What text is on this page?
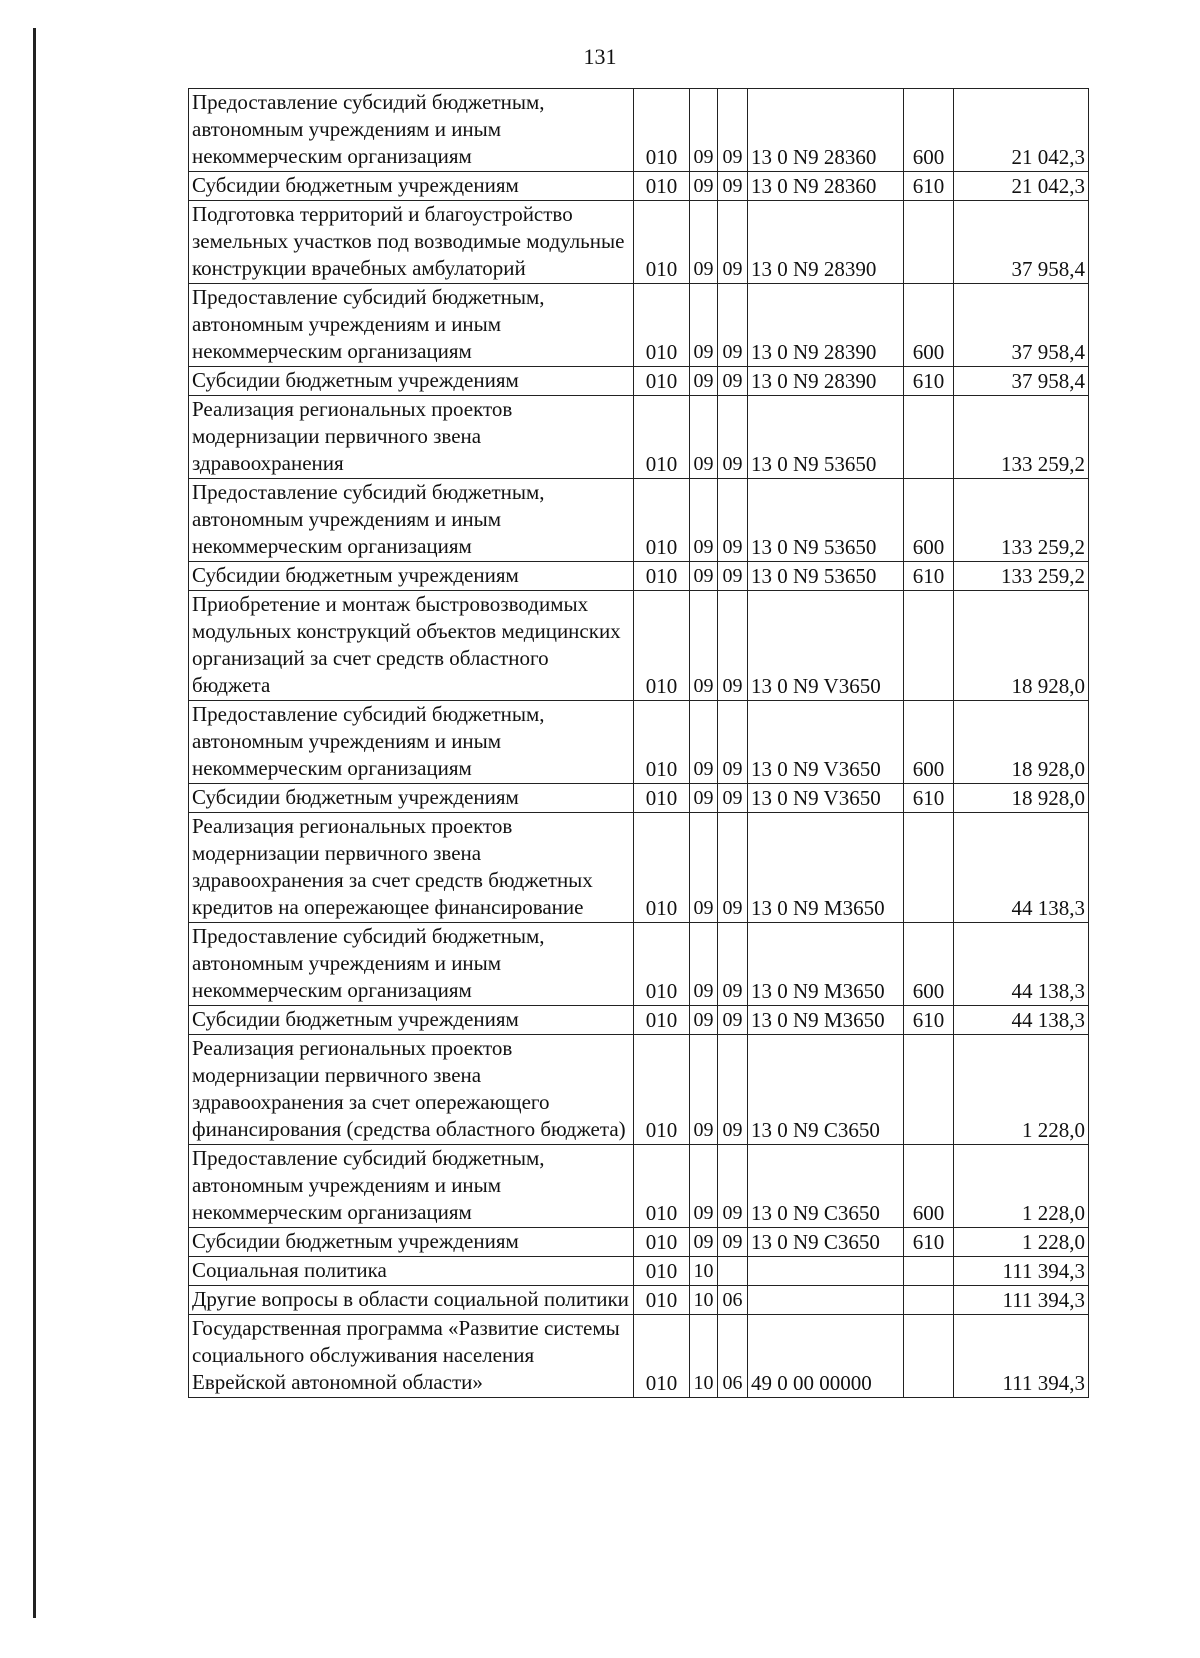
131
Предоставление субсидий бюджетным, автономным учреждениям и иным некоммерческим организациям	010	09	09	13 0 N9 28360	600	21 042,3
Субсидии бюджетным учреждениям	010	09	09	13 0 N9 28360	610	21 042,3
Подготовка территорий и благоустройство земельных участков под возводимые модульные конструкции врачебных амбулаторий	010	09	09	13 0 N9 28390		37 958,4
Предоставление субсидий бюджетным, автономным учреждениям и иным некоммерческим организациям	010	09	09	13 0 N9 28390	600	37 958,4
Субсидии бюджетным учреждениям	010	09	09	13 0 N9 28390	610	37 958,4
Реализация региональных проектов модернизации первичного звена здравоохранения	010	09	09	13 0 N9 53650		133 259,2
Предоставление субсидий бюджетным, автономным учреждениям и иным некоммерческим организациям	010	09	09	13 0 N9 53650	600	133 259,2
Субсидии бюджетным учреждениям	010	09	09	13 0 N9 53650	610	133 259,2
Приобретение и монтаж быстровозводимых модульных конструкций объектов медицинских организаций за счет средств областного бюджета	010	09	09	13 0 N9 V3650		18 928,0
Предоставление субсидий бюджетным, автономным учреждениям и иным некоммерческим организациям	010	09	09	13 0 N9 V3650	600	18 928,0
Субсидии бюджетным учреждениям	010	09	09	13 0 N9 V3650	610	18 928,0
Реализация региональных проектов модернизации первичного звена здравоохранения за счет средств бюджетных кредитов на опережающее финансирование	010	09	09	13 0 N9 M3650		44 138,3
Предоставление субсидий бюджетным, автономным учреждениям и иным некоммерческим организациям	010	09	09	13 0 N9 M3650	600	44 138,3
Субсидии бюджетным учреждениям	010	09	09	13 0 N9 M3650	610	44 138,3
Реализация региональных проектов модернизации первичного звена здравоохранения за счет опережающего финансирования (средства областного бюджета)	010	09	09	13 0 N9 C3650		1 228,0
Предоставление субсидий бюджетным, автономным учреждениям и иным некоммерческим организациям	010	09	09	13 0 N9 C3650	600	1 228,0
Субсидии бюджетным учреждениям	010	09	09	13 0 N9 C3650	610	1 228,0
Социальная политика	010	10				111 394,3
Другие вопросы в области социальной политики	010	10	06			111 394,3
Государственная программа «Развитие системы социального обслуживания населения Еврейской автономной области»	010	10	06	49 0 00 00000		111 394,3
